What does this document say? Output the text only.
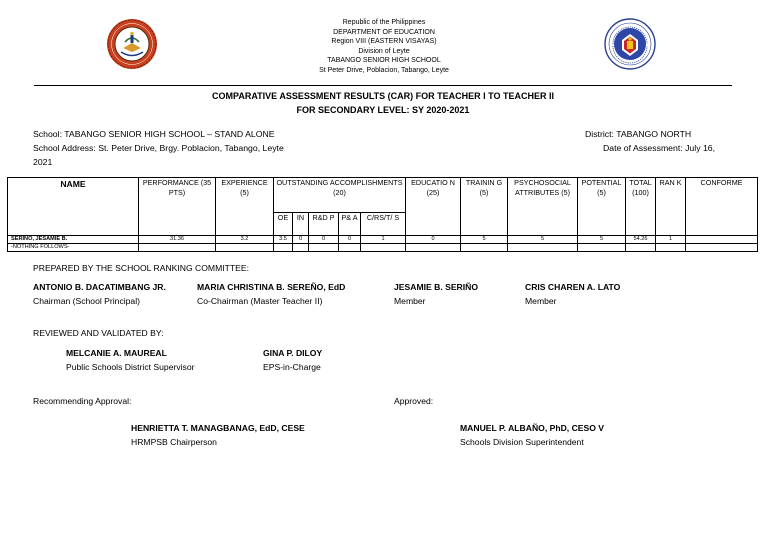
Republic of the Philippines
DEPARTMENT OF EDUCATION
Region VIII (EASTERN VISAYAS)
Division of Leyte
TABANGO SENIOR HIGH SCHOOL
St Peter Drive, Poblacion, Tabango, Leyte
COMPARATIVE ASSESSMENT RESULTS (CAR) FOR TEACHER I TO TEACHER II
FOR SECONDARY LEVEL: SY 2020-2021
School: TABANGO SENIOR HIGH SCHOOL – STAND ALONE
School Address: St. Peter Drive, Brgy. Poblacion, Tabango, Leyte
2021
District: TABANGO NORTH
Date of Assessment: July 16,
NAME	PERFORMANCE (35 PTS)	EXPERIENCE (5)	OUTSTANDING ACCOMPLISHMENTS (20)					EDUCATIO N (25)	TRAININ G (5)	PSYCHOSOCIAL ATTRIBUTES (5)	POTENTIAL (5)	TOTAL (100)	RAN K	CONFORME
			OE	IN	R&D P	P& A	C/RS/T/ S							
SERIÑO, JESAMIE B.	31.36	3.2	3.5	0	0	0	1	0	5	5	5	54.26	1	
-NOTHING FOLLOWS-														
PREPARED BY THE SCHOOL RANKING COMMITTEE:
ANTONIO B. DACATIMBANG JR.
Chairman (School Principal)
MARIA CHRISTINA B. SEREÑO, EdD
Co-Chairman (Master Teacher II)
JESAMIE B. SERIÑO
Member
CRIS CHAREN A. LATO
Member
REVIEWED AND VALIDATED BY:
MELCANIE A. MAUREAL
Public Schools District Supervisor
GINA P. DILOY
EPS-in-Charge
Recommending Approval:	Approved:
HENRIETTA T. MANAGBANAG, EdD, CESE
HRMPSB Chairperson
MANUEL P. ALBAÑO, PhD, CESO V
Schools Division Superintendent
